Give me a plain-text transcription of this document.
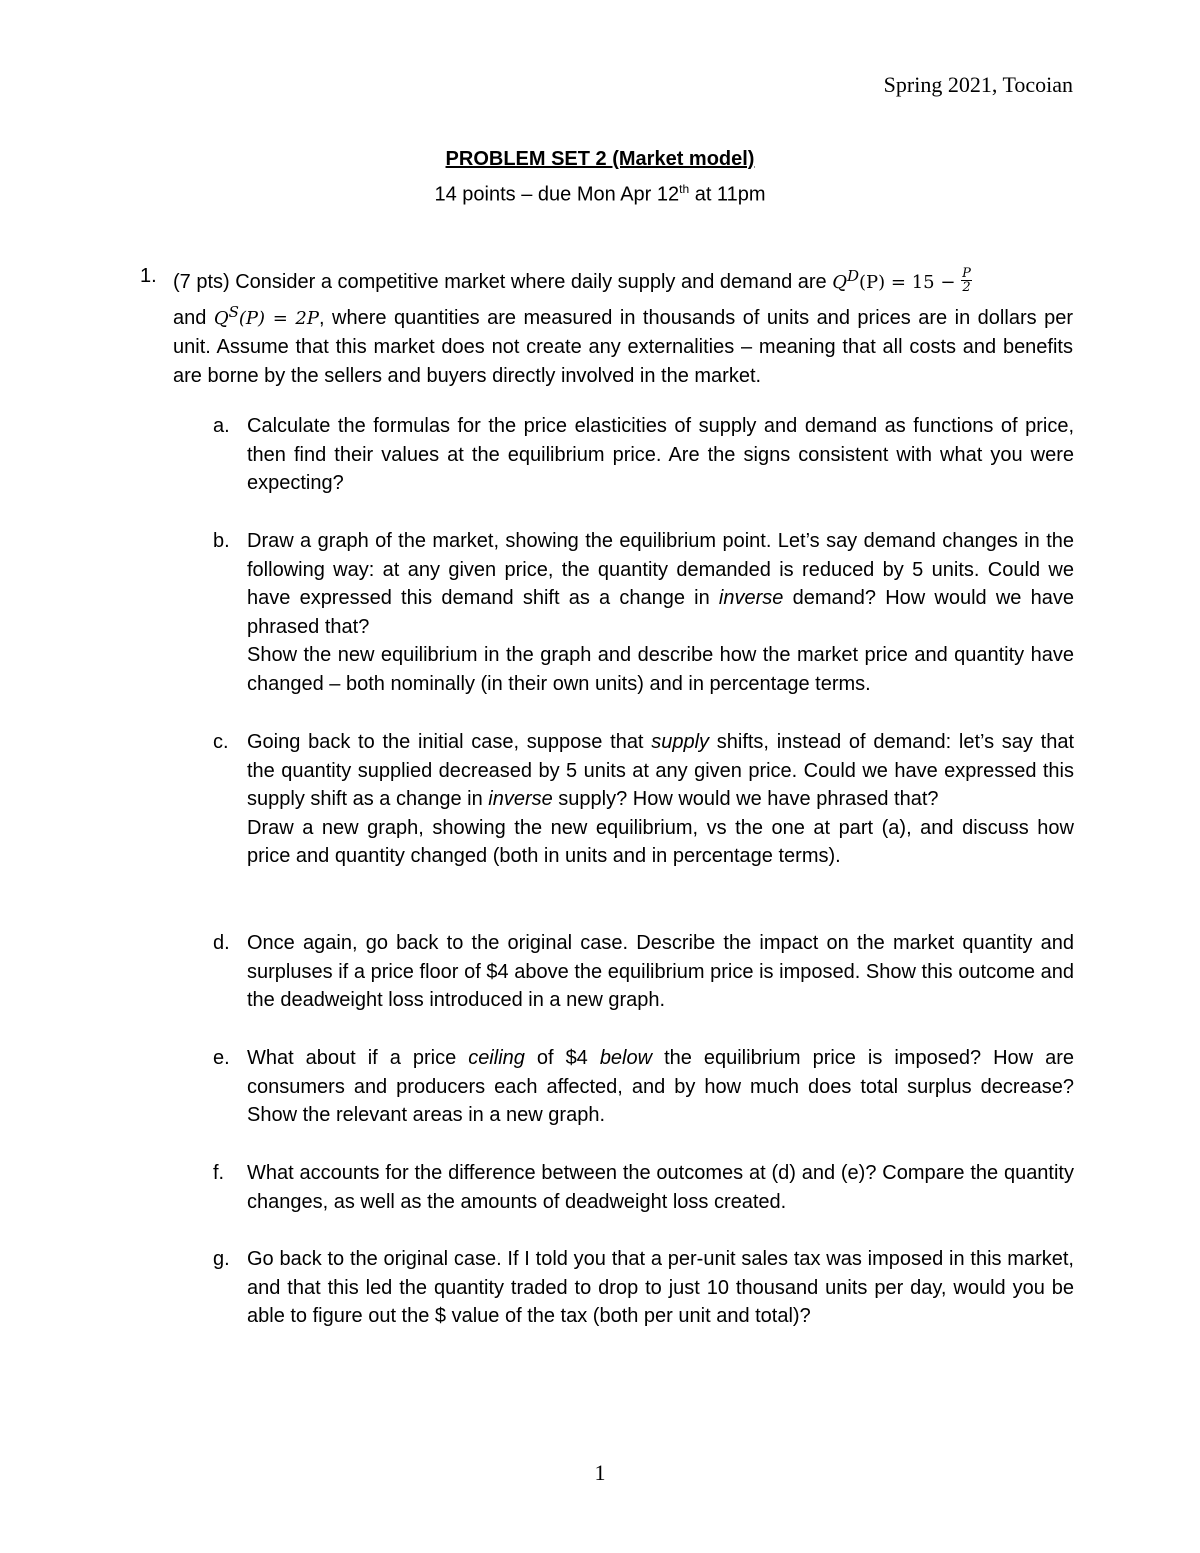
Spring 2021, Tocoian
PROBLEM SET 2 (Market model)
14 points – due Mon Apr 12th at 11pm
1. (7 pts) Consider a competitive market where daily supply and demand are $Q^D(P) = 15 - \frac{P}{2}$

and $Q^S(P) = 2P$, where quantities are measured in thousands of units and prices are in dollars per unit. Assume that this market does not create any externalities – meaning that all costs and benefits are borne by the sellers and buyers directly involved in the market.
a. Calculate the formulas for the price elasticities of supply and demand as functions of price, then find their values at the equilibrium price. Are the signs consistent with what you were expecting?

b. Draw a graph of the market, showing the equilibrium point. Let’s say demand changes in the following way: at any given price, the quantity demanded is reduced by 5 units. Could we have expressed this demand shift as a change in inverse demand? How would we have phrased that?

Show the new equilibrium in the graph and describe how the market price and quantity have changed – both nominally (in their own units) and in percentage terms.

c. Going back to the initial case, suppose that supply shifts, instead of demand: let’s say that the quantity supplied decreased by 5 units at any given price. Could we have expressed this supply shift as a change in inverse supply? How would we have phrased that?

Draw a new graph, showing the new equilibrium, vs the one at part (a), and discuss how price and quantity changed (both in units and in percentage terms).

d. Once again, go back to the original case. Describe the impact on the market quantity and surpluses if a price floor of $4 above the equilibrium price is imposed. Show this outcome and the deadweight loss introduced in a new graph.

e. What about if a price ceiling of $4 below the equilibrium price is imposed? How are consumers and producers each affected, and by how much does total surplus decrease? Show the relevant areas in a new graph.

f. What accounts for the difference between the outcomes at (d) and (e)? Compare the quantity changes, as well as the amounts of deadweight loss created.

g. Go back to the original case. If I told you that a per-unit sales tax was imposed in this market, and that this led the quantity traded to drop to just 10 thousand units per day, would you be able to figure out the $ value of the tax (both per unit and total)?

1
